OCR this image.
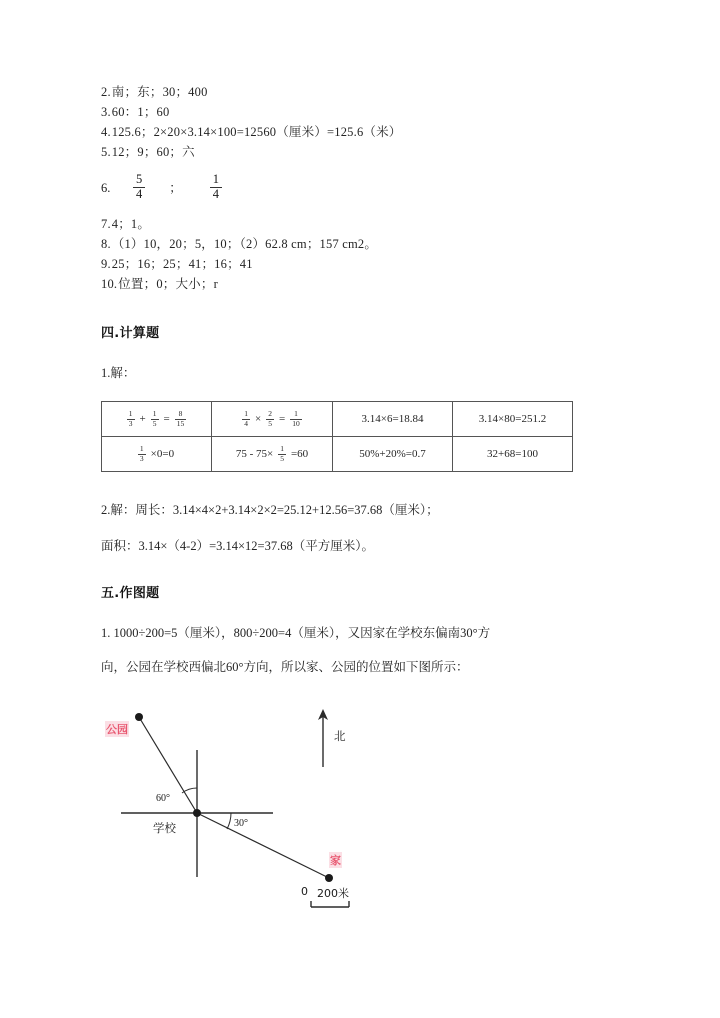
2.南；东；30；400
3.60：1；60
4.125.6；2×20×3.14×100=12560（厘米）=125.6（米）
5.12；9；60；六
6.	$\frac{5}{4}$ ； $\frac{1}{4}$
7.4；1。
8.（1）10，20；5，10；（2）62.8 cm；157 cm2。
9.25；16；25；41；16；41
10.位置；0；大小；r
四.计算题
1.解：
$\frac{1}{3} + \frac{1}{5} = \frac{8}{15}$	$\frac{1}{4} \times \frac{2}{5} = \frac{1}{10}$	3.14×6=18.84	3.14×80=251.2

$\frac{1}{3} \times 0=0$	$75 - 75\times \frac{1}{5} =60$	50%+20%=0.7	32+68=100
2.解：周长：3.14×4×2+3.14×2×2=25.12+12.56=37.68（厘米）；
面积：3.14×（4-2）=3.14×12=37.68（平方厘米）。
五.作图题
1. 1000÷200=5（厘米），800÷200=4（厘米），又因家在学校东偏南30°方
向，公园在学校西偏北60°方向，所以家、公园的位置如下图所示：
公园
学校
家
北
60°
30°
0 200米
